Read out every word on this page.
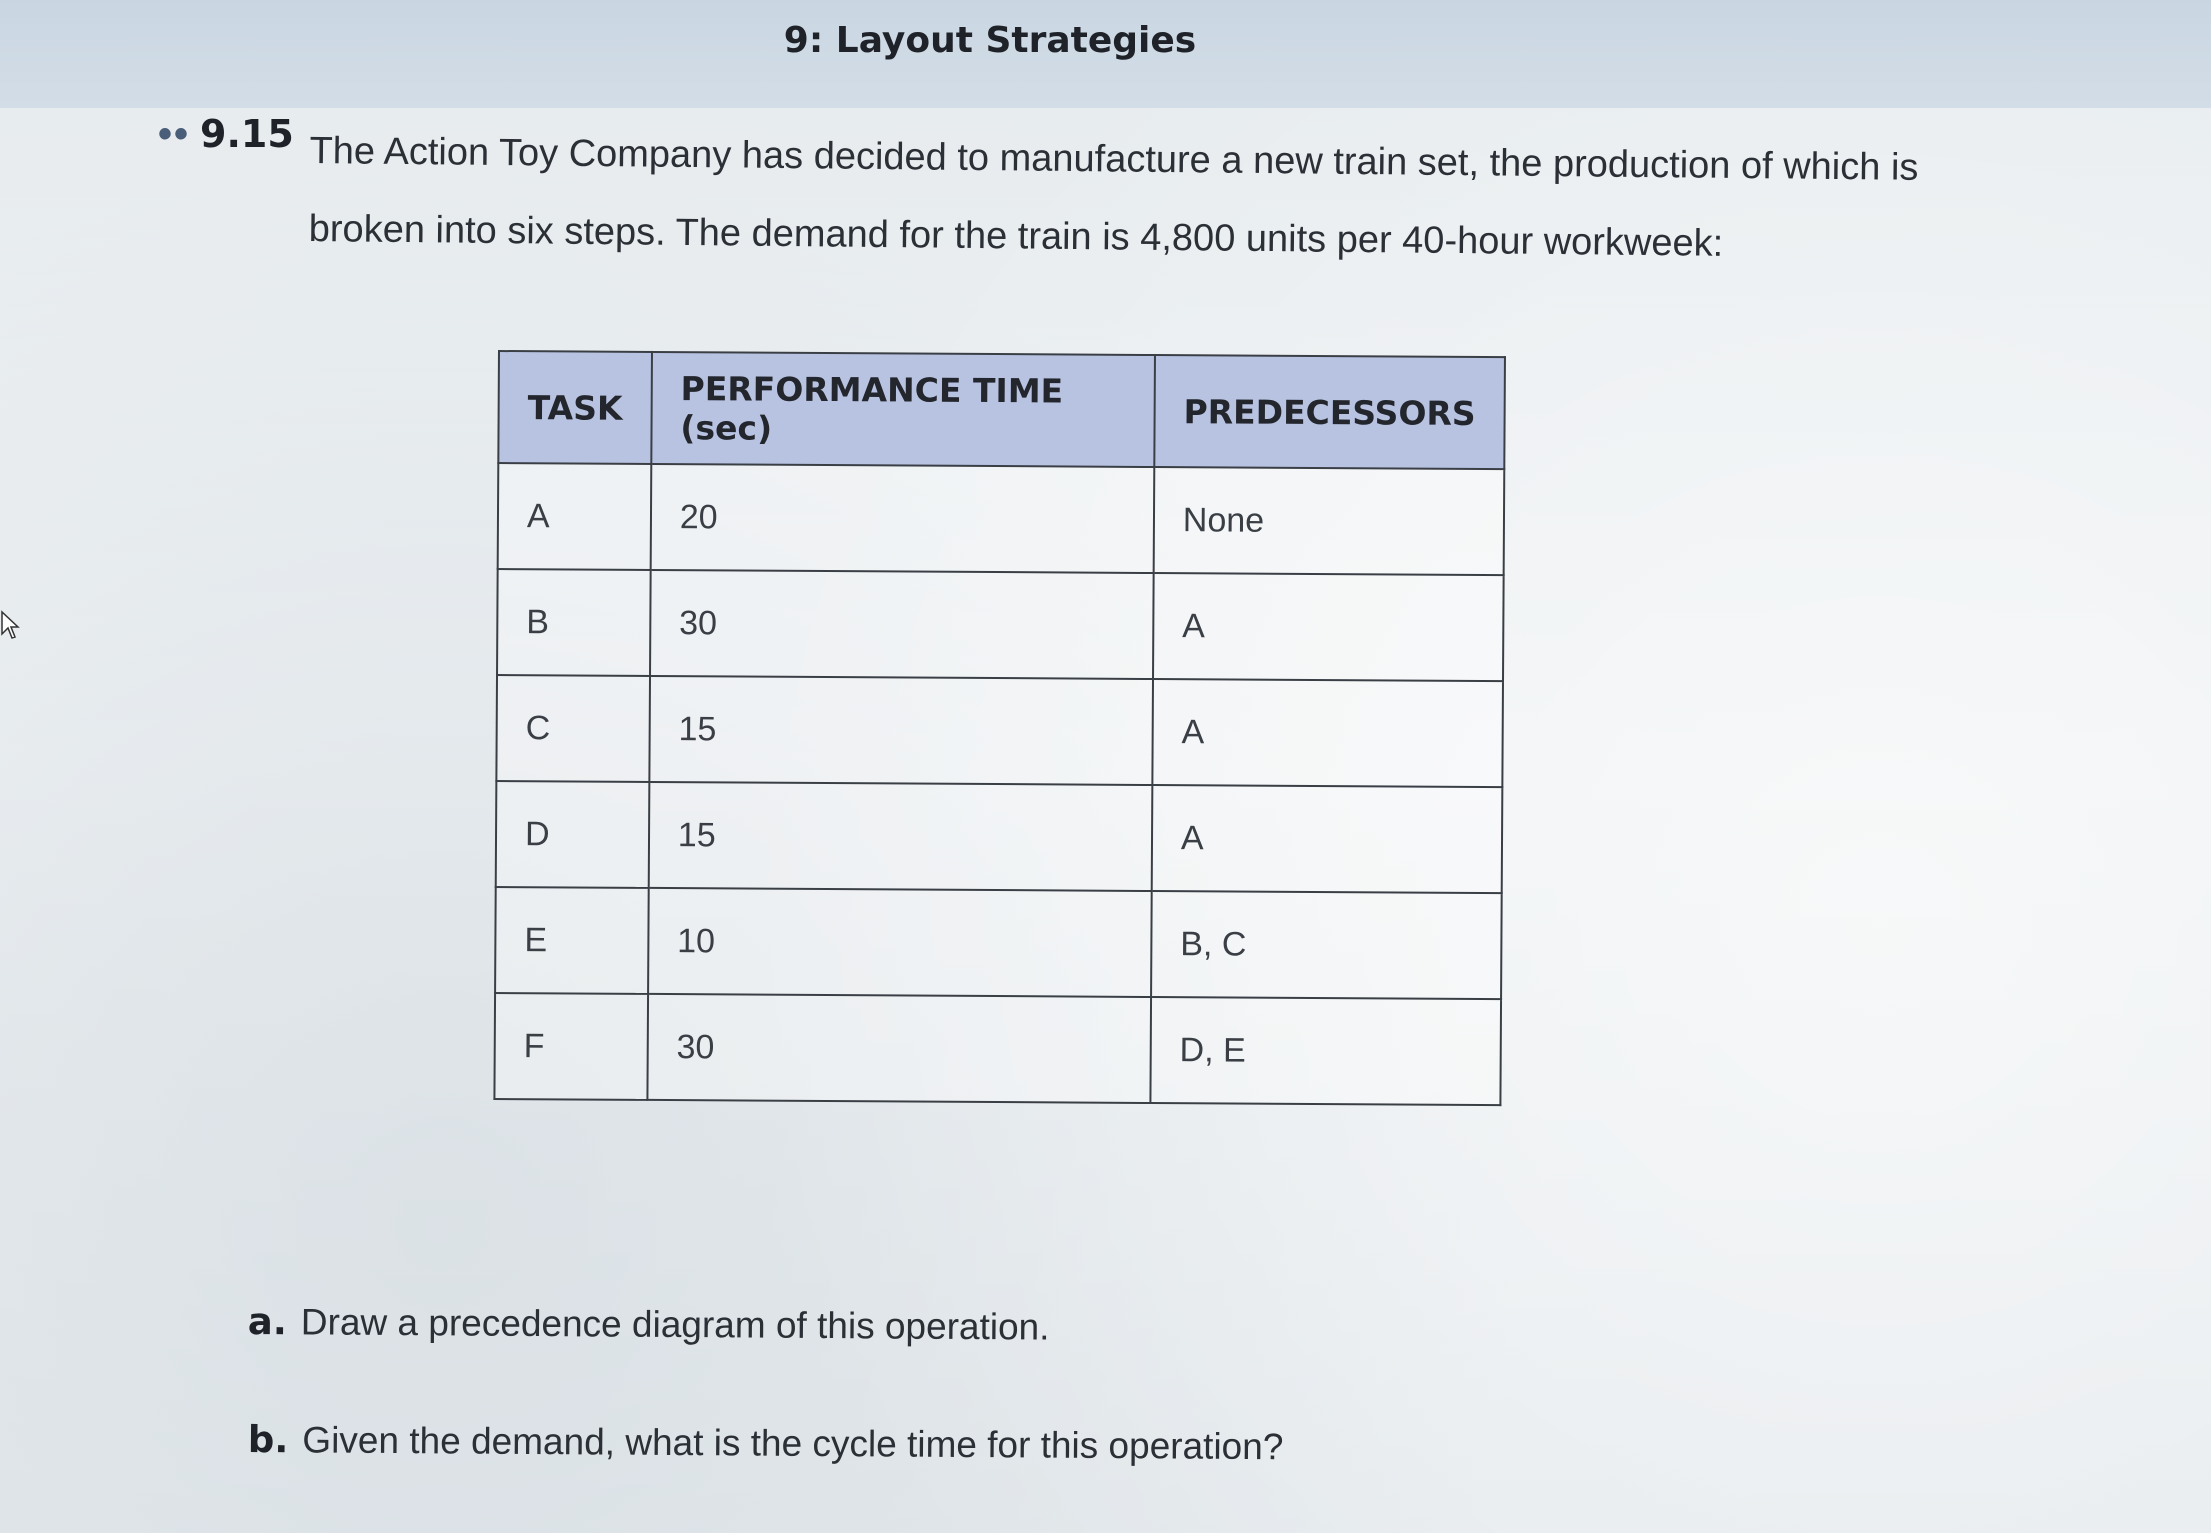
9: Layout Strategies
•• 9.15 The Action Toy Company has decided to manufacture a new train set, the production of which is broken into six steps. The demand for the train is 4,800 units per 40-hour workweek:
TASK	PERFORMANCE TIME (sec)	PREDECESSORS
A	20	None
B	30	A
C	15	A
D	15	A
E	10	B, C
F	30	D, E
a. Draw a precedence diagram of this operation.
b. Given the demand, what is the cycle time for this operation?
